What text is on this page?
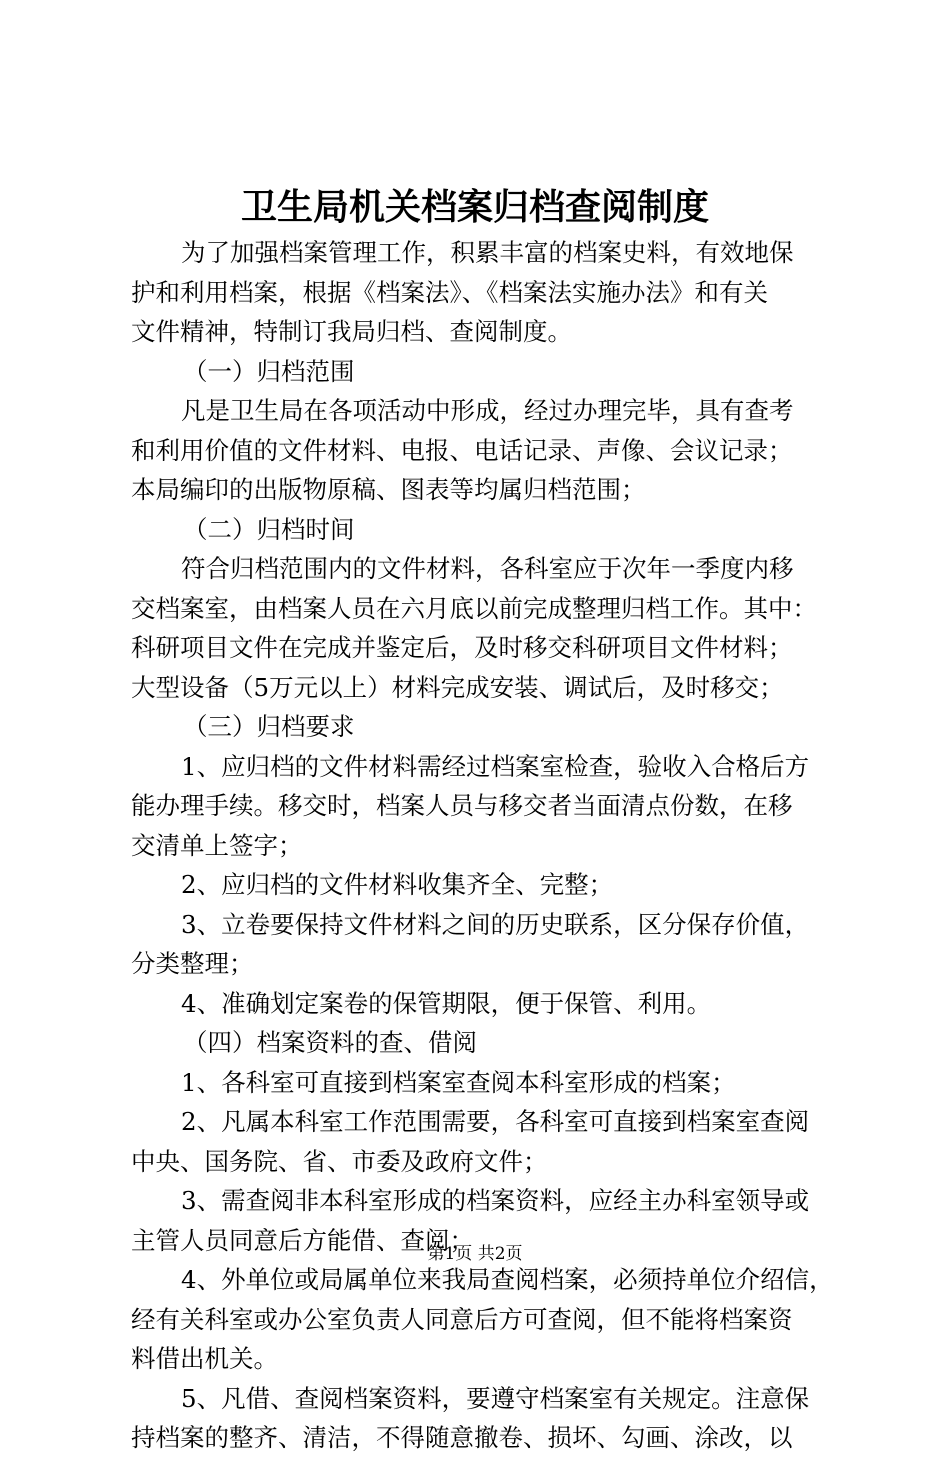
卫生局机关档案归档查阅制度
为了加强档案管理工作，积累丰富的档案史料，有效地保
护和利用档案，根据《档案法》、《档案法实施办法》和有关
文件精神，特制订我局归档、查阅制度。
（一）归档范围
凡是卫生局在各项活动中形成，经过办理完毕，具有查考
和利用价值的文件材料、电报、电话记录、声像、会议记录；
本局编印的出版物原稿、图表等均属归档范围；
（二）归档时间
符合归档范围内的文件材料，各科室应于次年一季度内移
交档案室，由档案人员在六月底以前完成整理归档工作。其中：
科研项目文件在完成并鉴定后，及时移交科研项目文件材料；
大型设备（5万元以上）材料完成安装、调试后，及时移交；
（三）归档要求
1、应归档的文件材料需经过档案室检查，验收入合格后方
能办理手续。移交时，档案人员与移交者当面清点份数，在移
交清单上签字；
2、应归档的文件材料收集齐全、完整；
3、立卷要保持文件材料之间的历史联系，区分保存价值，
分类整理；
4、准确划定案卷的保管期限，便于保管、利用。
（四）档案资料的查、借阅
1、各科室可直接到档案室查阅本科室形成的档案；
2、凡属本科室工作范围需要，各科室可直接到档案室查阅
中央、国务院、省、市委及政府文件；
3、需查阅非本科室形成的档案资料，应经主办科室领导或
主管人员同意后方能借、查阅；
4、外单位或局属单位来我局查阅档案，必须持单位介绍信，
经有关科室或办公室负责人同意后方可查阅，但不能将档案资
料借出机关。
5、凡借、查阅档案资料，要遵守档案室有关规定。注意保
持档案的整齐、清洁，不得随意撤卷、损坏、勾画、涂改，以
第1页 共2页
